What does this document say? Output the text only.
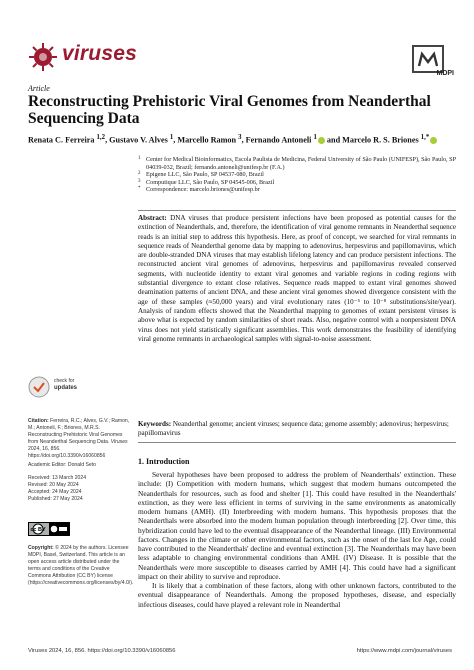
viruses
MDPI
Article
Reconstructing Prehistoric Viral Genomes from Neanderthal Sequencing Data
Renata C. Ferreira $^{1,2}$, Gustavo V. Alves $^1$, Marcello Ramon $^3$, Fernando Antoneli $^1$ and Marcelo R. S. Briones $^{1,*}$
1 Center for Medical Bioinformatics, Escola Paulista de Medicina, Federal University of São Paulo (UNIFESP), São Paulo, SP 04039-032, Brazil; fernando.antoneli@unifesp.br (F.A.)
2 Epigene LLC, São Paulo, SP 04537-080, Brazil
3 Computique LLC, São Paulo, SP 04545-006, Brazil
* Correspondence: marcelo.briones@unifesp.br
Abstract: DNA viruses that produce persistent infections have been proposed as potential causes for the extinction of Neanderthals, and, therefore, the identification of viral genome remnants in Neanderthal sequence reads is an initial step to address this hypothesis. Here, as proof of concept, we searched for viral remnants in sequence reads of Neanderthal genome data by mapping to adenovirus, herpesvirus and papillomavirus, which are double-stranded DNA viruses that may establish lifelong latency and can produce persistent infections. The reconstructed ancient viral genomes of adenovirus, herpesvirus and papillomavirus revealed conserved segments, with nucleotide identity to extant viral genomes and variable regions in coding regions with substantial divergence to extant close relatives. Sequence reads mapped to extant viral genomes showed deamination patterns of ancient DNA, and these ancient viral genomes showed divergence consistent with the age of these samples (≈50,000 years) and viral evolutionary rates (10⁻⁵ to 10⁻⁸ substitutions/site/year). Analysis of random effects showed that the Neanderthal mapping to genomes of extant persistent viruses is above what is expected by random similarities of short reads. Also, negative control with a nonpersistent DNA virus does not yield statistically significant assemblies. This work demonstrates the feasibility of identifying viral genome remnants in archaeological samples with signal-to-noise assessment.
Keywords: Neanderthal genome; ancient viruses; sequence data; genome assembly; adenovirus; herpesvirus; papillomavirus
check for
updates
Citation: Ferreira, R.C.; Alves, G.V.; Ramon, M.; Antoneli, F.; Briones, M.R.S. Reconstructing Prehistoric Viral Genomes from Neanderthal Sequencing Data. Viruses 2024, 16, 856. https://doi.org/10.3390/v16060856
Academic Editor: Donald Seto
Received: 13 March 2024
Revised: 20 May 2024
Accepted: 24 May 2024
Published: 27 May 2024
cc BY
Copyright: © 2024 by the authors. Licensee MDPI, Basel, Switzerland. This article is an open access article distributed under the terms and conditions of the Creative Commons Attribution (CC BY) license (https://creativecommons.org/licenses/by/4.0/).
1. Introduction
Several hypotheses have been proposed to address the problem of Neanderthals' extinction. These include: (I) Competition with modern humans, which suggest that modern humans outcompeted the Neanderthals for resources, such as food and shelter [1]. This could have resulted in the Neanderthals' extinction, as they were less efficient in terms of surviving in the same environments as anatomically modern humans (AMH). (II) Interbreeding with modern humans. This hypothesis proposes that the Neanderthals were absorbed into the modern human population through interbreeding [2]. Over time, this hybridization could have led to the eventual disappearance of the Neanderthal lineage. (III) Environmental factors. Changes in the climate or other environmental factors, such as the onset of the last Ice Age, could have contributed to the Neanderthals' decline and eventual extinction [3]. The Neanderthals may have been less adaptable to changing environmental conditions than AMH. (IV) Disease. It is possible that the Neanderthals were more susceptible to diseases carried by AMH [4]. This could have had a significant impact on their ability to survive and reproduce.
It is likely that a combination of these factors, along with other unknown factors, contributed to the eventual disappearance of Neanderthals. Among the proposed hypotheses, disease, and especially infectious diseases, could have played a relevant role in Neanderthal
Viruses 2024, 16, 856. https://doi.org/10.3390/v16060856	https://www.mdpi.com/journal/viruses
